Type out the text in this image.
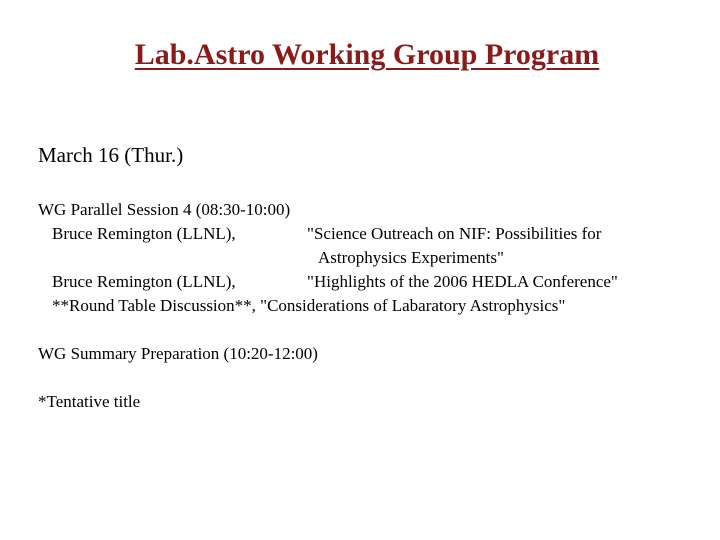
Lab.Astro Working Group Program
March 16 (Thur.)
WG Parallel Session 4 (08:30-10:00)
Bruce Remington (LLNL),	"Science Outreach on NIF: Possibilities for
Astrophysics Experiments"
Bruce Remington (LLNL),	"Highlights of the 2006 HEDLA Conference"
**Round Table Discussion**, "Considerations of Labaratory Astrophysics"
WG Summary Preparation (10:20-12:00)
*Tentative title
